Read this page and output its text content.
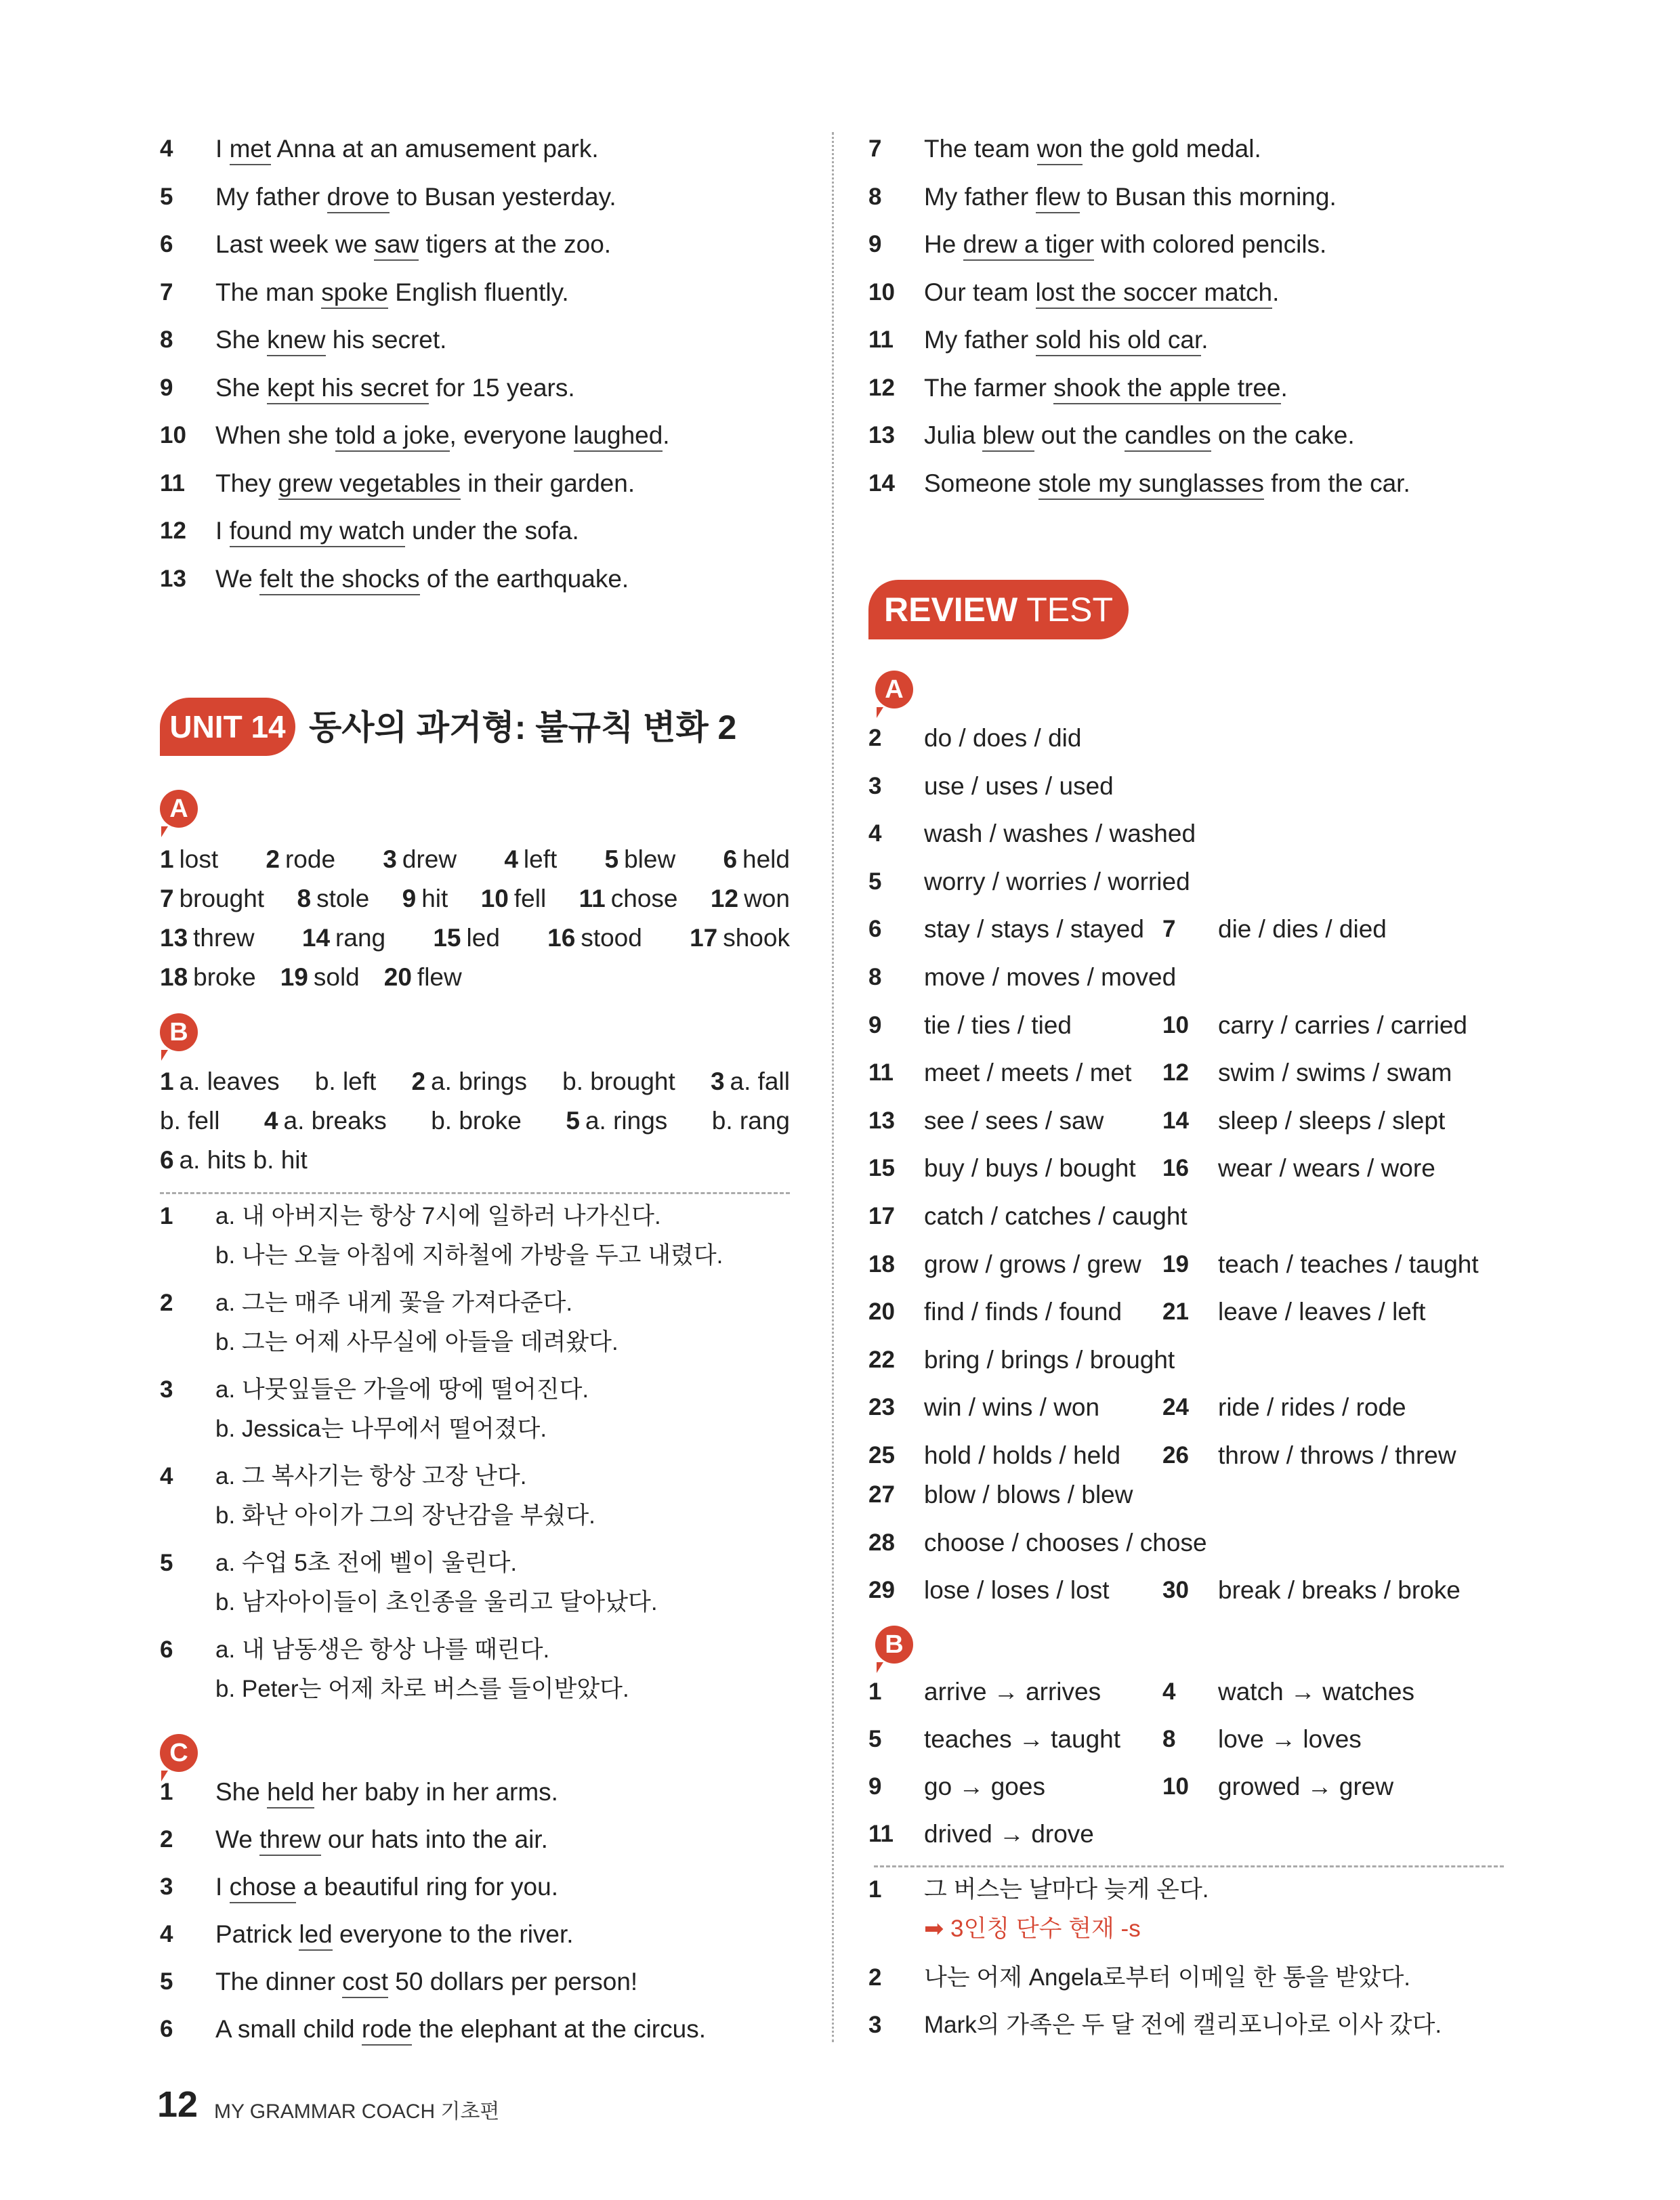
4 I met Anna at an amusement park.
5 My father drove to Busan yesterday.
6 Last week we saw tigers at the zoo.
7 The man spoke English fluently.
8 She knew his secret.
9 She kept his secret for 15 years.
10 When she told a joke, everyone laughed.
11 They grew vegetables in their garden.
12 I found my watch under the sofa.
13 We felt the shocks of the earthquake.
7 The team won the gold medal.
8 My father flew to Busan this morning.
9 He drew a tiger with colored pencils.
10 Our team lost the soccer match.
11 My father sold his old car.
12 The farmer shook the apple tree.
13 Julia blew out the candles on the cake.
14 Someone stole my sunglasses from the car.
UNIT 14 동사의 과거형: 불규칙 변화 2
A
1 lost 2 rode 3 drew 4 left 5 blew 6 held
7 brought 8 stole 9 hit 10 fell 11 chose 12 won
13 threw 14 rang 15 led 16 stood 17 shook
18 broke 19 sold 20 flew
B
1 a. leaves b. left 2 a. brings b. brought 3 a. fall
b. fell 4 a. breaks b. broke 5 a. rings b. rang
6 a. hits b. hit
1 a. 내 아버지는 항상 7시에 일하러 나가신다.
b. 나는 오늘 아침에 지하철에 가방을 두고 내렸다.
2 a. 그는 매주 내게 꽃을 가져다준다.
b. 그는 어제 사무실에 아들을 데려왔다.
3 a. 나뭇잎들은 가을에 땅에 떨어진다.
b. Jessica는 나무에서 떨어졌다.
4 a. 그 복사기는 항상 고장 난다.
b. 화난 아이가 그의 장난감을 부쉈다.
5 a. 수업 5초 전에 벨이 울린다.
b. 남자아이들이 초인종을 울리고 달아났다.
6 a. 내 남동생은 항상 나를 때린다.
b. Peter는 어제 차로 버스를 들이받았다.
C
1 She held her baby in her arms.
2 We threw our hats into the air.
3 I chose a beautiful ring for you.
4 Patrick led everyone to the river.
5 The dinner cost 50 dollars per person!
6 A small child rode the elephant at the circus.
REVIEW TEST
A
2 do / does / did
3 use / uses / used
4 wash / washes / washed
5 worry / worries / worried
6 stay / stays / stayed 7 die / dies / died
8 move / moves / moved
9 tie / ties / tied	10 carry / carries / carried
11 meet / meets / met 12 swim / swims / swam
13 see / sees / saw 14 sleep / sleeps / slept
15 buy / buys / bought 16 wear / wears / wore
17 catch / catches / caught
18 grow / grows / grew 19 teach / teaches / taught
20 find / finds / found 21 leave / leaves / left
22 bring / brings / brought
23 win / wins / won	24 ride / rides / rode
25 hold / holds / held 26 throw / throws / threw
27 blow / blows / blew
28 choose / chooses / chose
29 lose / loses / lost 30 break / breaks / broke
B
1 arrive → arrives	4 watch → watches
5 teaches → taught 8 love → loves
9 go → goes	10 growed → grew
11 drived → drove
1 그 버스는 날마다 늦게 온다.
➡ 3인칭 단수 현재 -s
2 나는 어제 Angela로부터 이메일 한 통을 받았다.
3 Mark의 가족은 두 달 전에 캘리포니아로 이사 갔다.
12 MY GRAMMAR COACH 기초편
